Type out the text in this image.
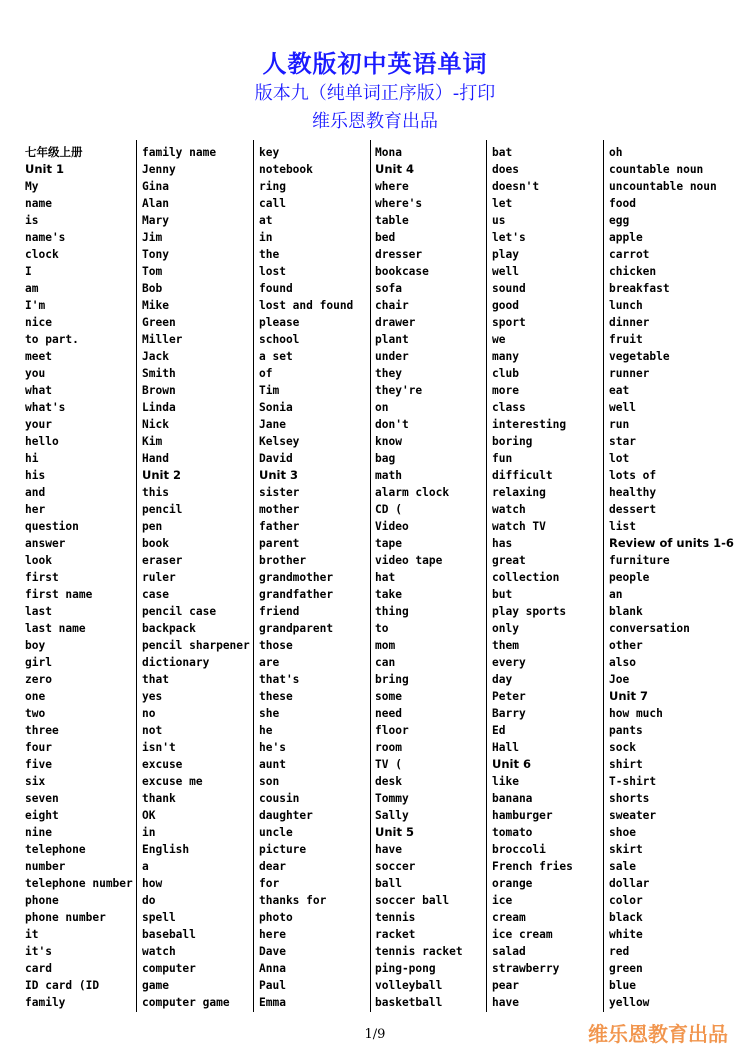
人教版初中英语单词
版本九（纯单词正序版）-打印
维乐恩教育出品
七年级上册
Unit 1
My
name
is
name's
clock
I
am
I'm
nice
to part.
meet
you
what
what's
your
hello
hi
his
and
her
question
answer
look
first
first name
last
last name
boy
girl
zero
one
two
three
four
five
six
seven
eight
nine
telephone
number
telephone number
phone
phone number
it
it's
card
ID card (ID
family
family name
Jenny
Gina
Alan
Mary
Jim
Tony
Tom
Bob
Mike
Green
Miller
Jack
Smith
Brown
Linda
Nick
Kim
Hand
Unit 2
this
pencil
pen
book
eraser
ruler
case
pencil case
backpack
pencil sharpener
dictionary
that
yes
no
not
isn't
excuse
excuse me
thank
OK
in
English
a
how
do
spell
baseball
watch
computer
game
computer game
key
notebook
ring
call
at
in
the
lost
found
lost and found
please
school
a set
of
Tim
Sonia
Jane
Kelsey
David
Unit 3
sister
mother
father
parent
brother
grandmother
grandfather
friend
grandparent
those
are
that's
these
she
he
he's
aunt
son
cousin
daughter
uncle
picture
dear
for
thanks for
photo
here
Dave
Anna
Paul
Emma
Mona
Unit 4
where
where's
table
bed
dresser
bookcase
sofa
chair
drawer
plant
under
they
they're
on
don't
know
bag
math
alarm clock
CD (
Video
tape
video tape
hat
take
thing
to
mom
can
bring
some
need
floor
room
TV (
desk
Tommy
Sally
Unit 5
have
soccer
ball
soccer ball
tennis
racket
tennis racket
ping-pong
volleyball
basketball
bat
does
doesn't
let
us
let's
play
well
sound
good
sport
we
many
club
more
class
interesting
boring
fun
difficult
relaxing
watch
watch TV
has
great
collection
but
play sports
only
them
every
day
Peter
Barry
Ed
Hall
Unit 6
like
banana
hamburger
tomato
broccoli
French fries
orange
ice
cream
ice cream
salad
strawberry
pear
have
oh
countable noun
uncountable noun
food
egg
apple
carrot
chicken
breakfast
lunch
dinner
fruit
vegetable
runner
eat
well
run
star
lot
lots of
healthy
dessert
list
Review of units 1-6
furniture
people
an
blank
conversation
other
also
Joe
Unit 7
how much
pants
sock
shirt
T-shirt
shorts
sweater
shoe
skirt
sale
dollar
color
black
white
red
green
blue
yellow
1/9	维乐恩教育出品
